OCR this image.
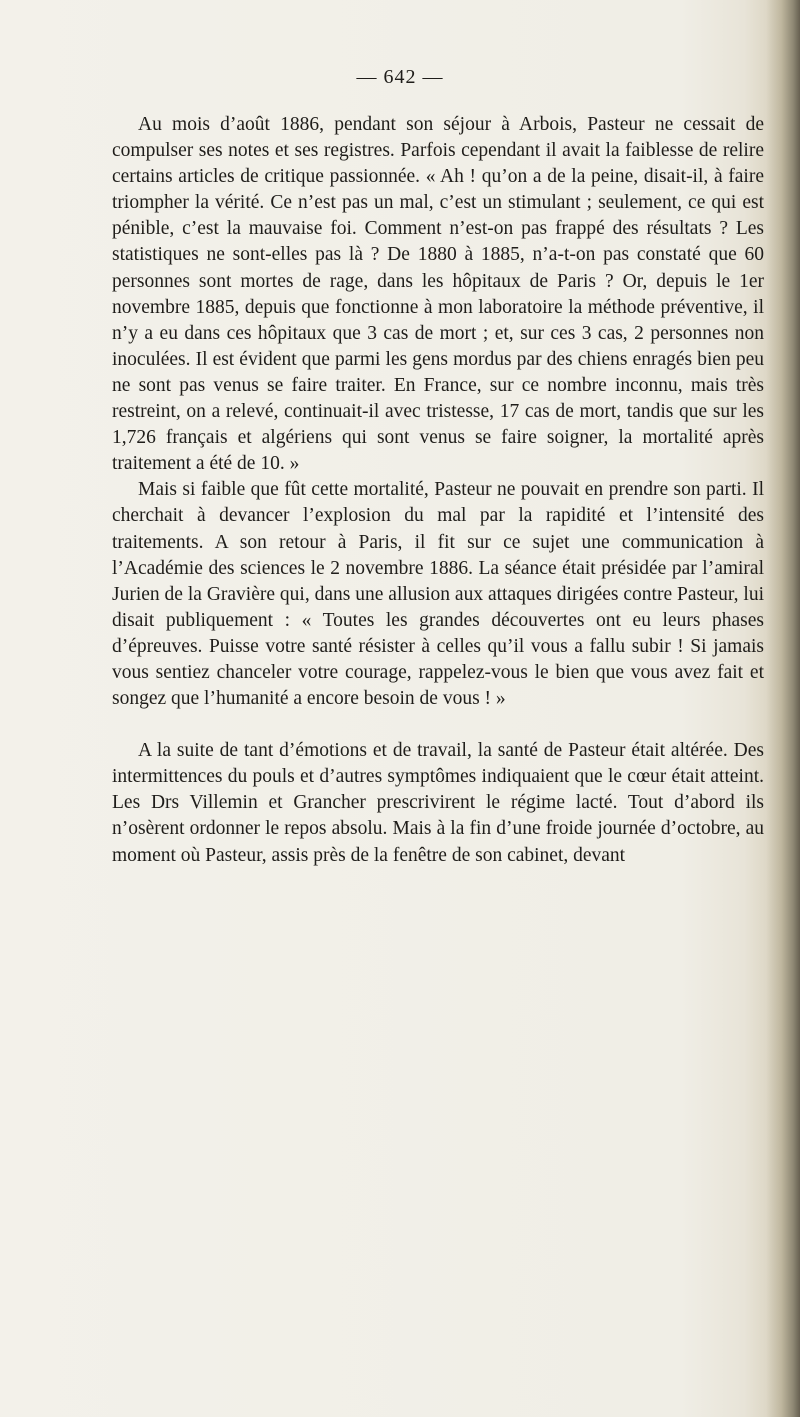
— 642 —

Au mois d’août 1886, pendant son séjour à Arbois, Pasteur ne cessait de compulser ses notes et ses registres. Parfois cependant il avait la faiblesse de relire certains articles de critique passionnée. « Ah ! qu’on a de la peine, disait-il, à faire triompher la vérité. Ce n’est pas un mal, c’est un stimulant ; seulement, ce qui est pénible, c’est la mauvaise foi. Comment n’est-on pas frappé des résultats ? Les statistiques ne sont-elles pas là ? De 1880 à 1885, n’a-t-on pas constaté que 60 personnes sont mortes de rage, dans les hôpitaux de Paris ? Or, depuis le 1er novembre 1885, depuis que fonctionne à mon laboratoire la méthode préventive, il n’y a eu dans ces hôpitaux que 3 cas de mort ; et, sur ces 3 cas, 2 personnes non inoculées. Il est évident que parmi les gens mordus par des chiens enragés bien peu ne sont pas venus se faire traiter. En France, sur ce nombre inconnu, mais très restreint, on a relevé, continuait-il avec tristesse, 17 cas de mort, tandis que sur les 1,726 français et algériens qui sont venus se faire soigner, la mortalité après traitement a été de 10. »

Mais si faible que fût cette mortalité, Pasteur ne pouvait en prendre son parti. Il cherchait à devancer l’explosion du mal par la rapidité et l’intensité des traitements. A son retour à Paris, il fit sur ce sujet une communication à l’Académie des sciences le 2 novembre 1886. La séance était présidée par l’amiral Jurien de la Gravière qui, dans une allusion aux attaques dirigées contre Pasteur, lui disait publiquement : « Toutes les grandes découvertes ont eu leurs phases d’épreuves. Puisse votre santé résister à celles qu’il vous a fallu subir ! Si jamais vous sentiez chanceler votre courage, rappelez-vous le bien que vous avez fait et songez que l’humanité a encore besoin de vous ! »

A la suite de tant d’émotions et de travail, la santé de Pasteur était altérée. Des intermittences du pouls et d’autres symptômes indiquaient que le cœur était atteint. Les Drs Villemin et Grancher prescrivirent le régime lacté. Tout d’abord ils n’osèrent ordonner le repos absolu. Mais à la fin d’une froide journée d’octobre, au moment où Pasteur, assis près de la fenêtre de son cabinet, devant
